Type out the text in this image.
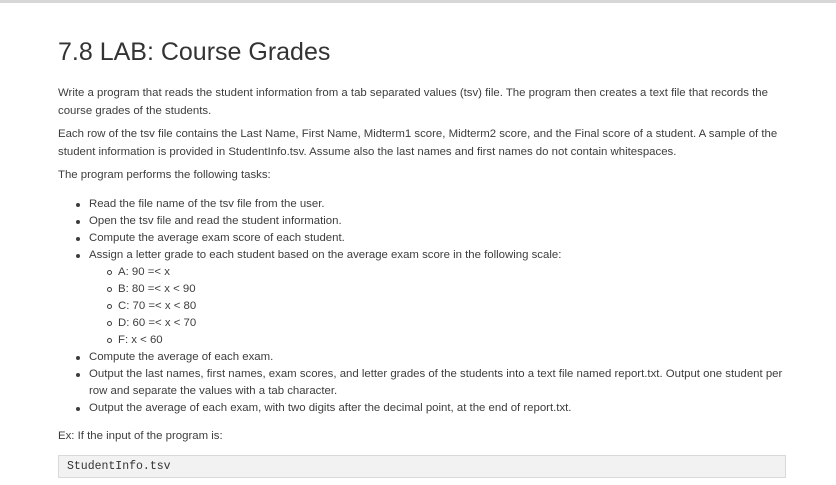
7.8 LAB: Course Grades

Write a program that reads the student information from a tab separated values (tsv) file. The program then creates a text file that records the course grades of the students.

Each row of the tsv file contains the Last Name, First Name, Midterm1 score, Midterm2 score, and the Final score of a student. A sample of the student information is provided in StudentInfo.tsv. Assume also the last names and first names do not contain whitespaces.

The program performs the following tasks:

Read the file name of the tsv file from the user.
Open the tsv file and read the student information.
Compute the average exam score of each student.
Assign a letter grade to each student based on the average exam score in the following scale:
A: 90 =< x
B: 80 =< x < 90
C: 70 =< x < 80
D: 60 =< x < 70
F: x < 60
Compute the average of each exam.
Output the last names, first names, exam scores, and letter grades of the students into a text file named report.txt. Output one student per row and separate the values with a tab character.
Output the average of each exam, with two digits after the decimal point, at the end of report.txt.

Ex: If the input of the program is:

StudentInfo.tsv
